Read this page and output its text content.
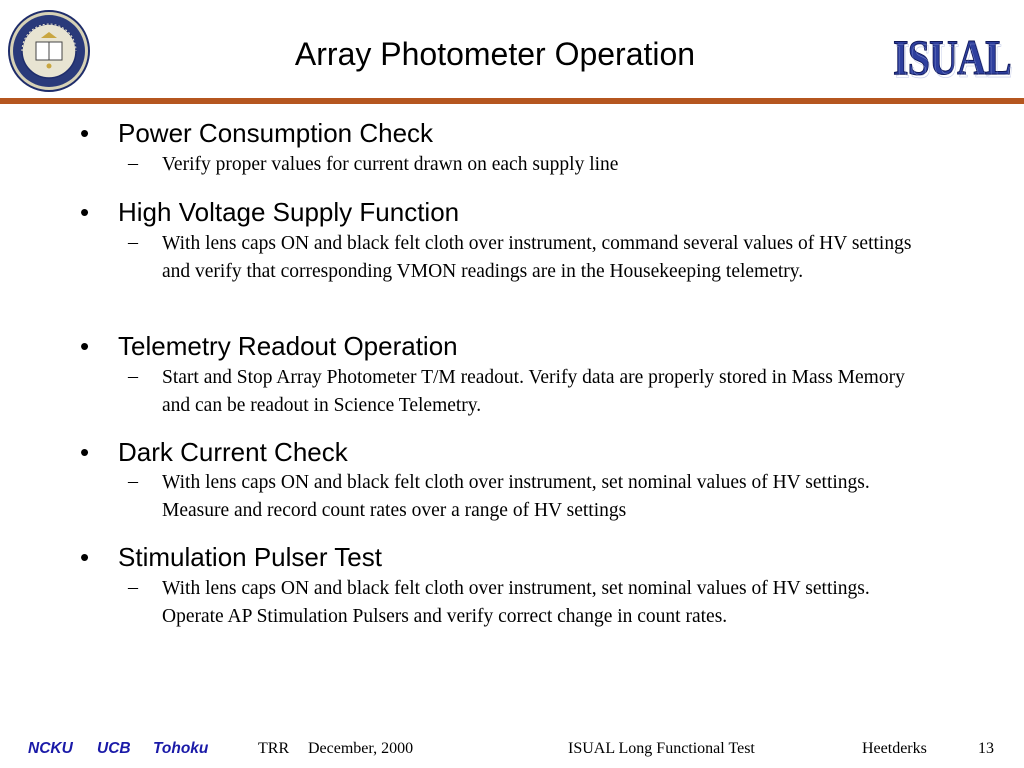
Array Photometer Operation	ISUAL
ISUAL
• Power Consumption Check
– Verify proper values for current drawn on each supply line
• High Voltage Supply Function
– With lens caps ON and black felt cloth over instrument, command several values of HV settings and verify that corresponding VMON readings are in the Housekeeping telemetry.
• Telemetry Readout Operation
– Start and Stop Array Photometer T/M readout. Verify data are properly stored in Mass Memory and can be readout in Science Telemetry.
• Dark Current Check
– With lens caps ON and black felt cloth over instrument, set nominal values of HV settings. Measure and record count rates over a range of HV settings
• Stimulation Pulser Test
– With lens caps ON and black felt cloth over instrument, set nominal values of HV settings. Operate AP Stimulation Pulsers and verify correct change in count rates.
NCKU UCB Tohoku	TRR December, 2000	ISUAL Long Functional Test	Heetderks	13
